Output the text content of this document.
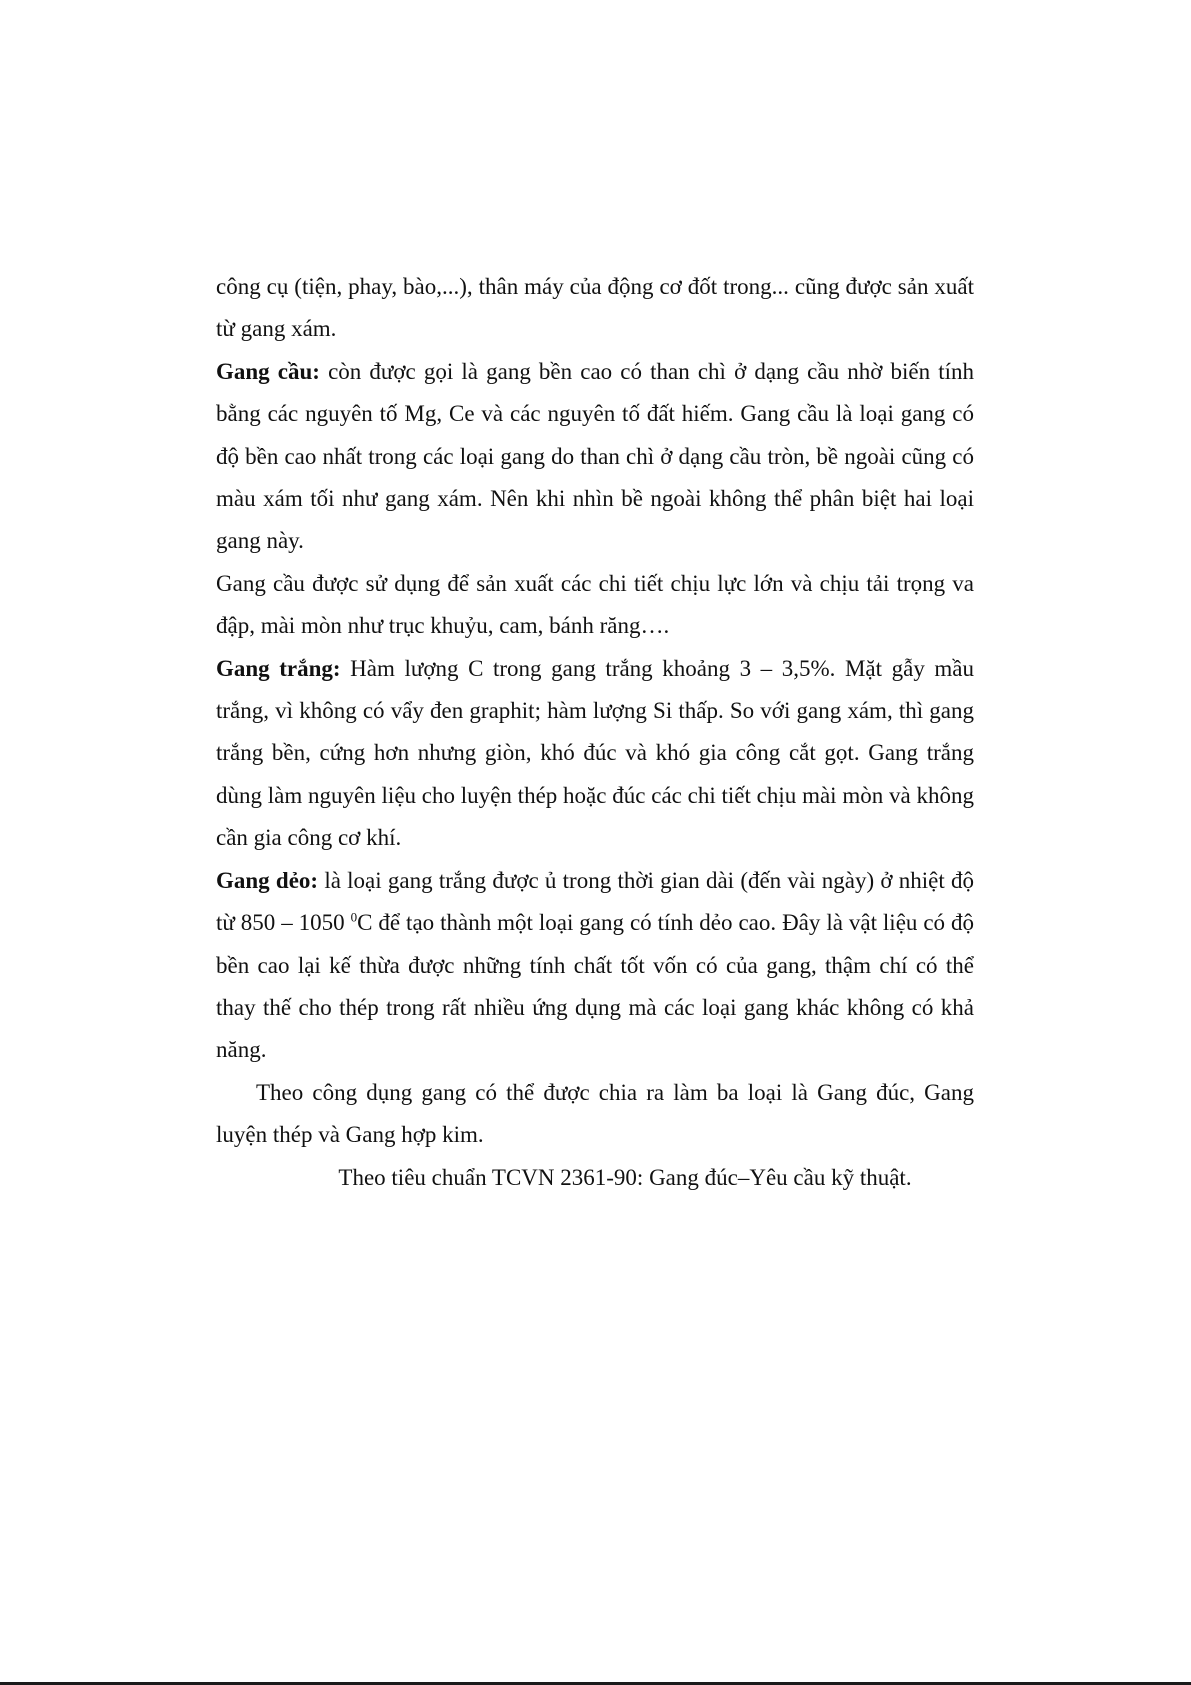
công cụ (tiện, phay, bào,...), thân máy của động cơ đốt trong... cũng được sản xuất từ gang xám.

Gang cầu: còn được gọi là gang bền cao có than chì ở dạng cầu nhờ biến tính bằng các nguyên tố Mg, Ce và các nguyên tố đất hiếm. Gang cầu là loại gang có độ bền cao nhất trong các loại gang do than chì ở dạng cầu tròn, bề ngoài cũng có màu xám tối như gang xám. Nên khi nhìn bề ngoài không thể phân biệt hai loại gang này.

Gang cầu được sử dụng để sản xuất các chi tiết chịu lực lớn và chịu tải trọng va đập, mài mòn như trục khuỷu, cam, bánh răng….

Gang trắng: Hàm lượng C trong gang trắng khoảng 3 – 3,5%. Mặt gẫy mầu trắng, vì không có vẩy đen graphit; hàm lượng Si thấp. So với gang xám, thì gang trắng bền, cứng hơn nhưng giòn, khó đúc và khó gia công cắt gọt. Gang trắng dùng làm nguyên liệu cho luyện thép hoặc đúc các chi tiết chịu mài mòn và không cần gia công cơ khí.

Gang dẻo: là loại gang trắng được ủ trong thời gian dài (đến vài ngày) ở nhiệt độ từ 850 – 1050 $^0$C để tạo thành một loại gang có tính dẻo cao. Đây là vật liệu có độ bền cao lại kế thừa được những tính chất tốt vốn có của gang, thậm chí có thể thay thế cho thép trong rất nhiều ứng dụng mà các loại gang khác không có khả năng.

Theo công dụng gang có thể được chia ra làm ba loại là Gang đúc, Gang luyện thép và Gang hợp kim.

Theo tiêu chuẩn TCVN 2361-90: Gang đúc–Yêu cầu kỹ thuật.
